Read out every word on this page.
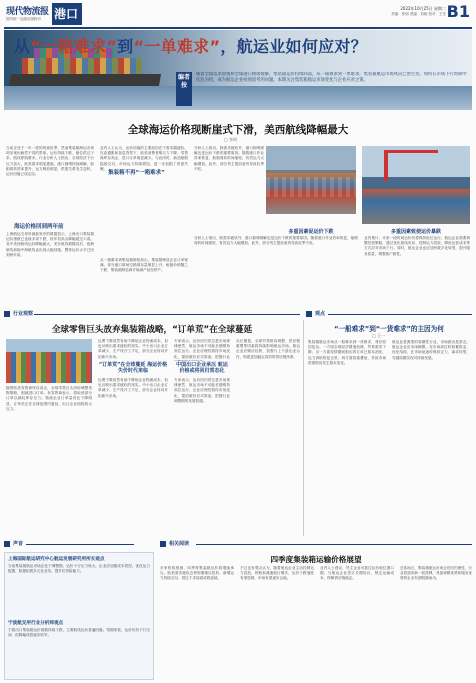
现代物流报
国内统一连续出版物号 港口	2022年10月25日 星期二
责编：张明 美编：刘晓 校对：王芳 B1
从“一箱难求”到“一单难求”，航运业如何应对？
编者按
随着全球需求放缓和全球港口拥堵缓解，集装箱运价持续回落，从一箱难求到一单难求，集装箱航运市场风向已然生变。如何在市场下行周期中化危为机，成为航运企业亟须思考的问题。本期关注集装箱航运市场变化与企业应对之策。
全球海运价格现断崖式下滑，美西航线降幅最大
□ 李明
当前正处于一年一度的传统旺季，然而集装箱海运市场却呈现出截然不同的景象。运价持续下跌，舱位供过于求，航线停航增多。行业分析人士指出，全球经济下行压力加大，欧美需求明显萎缩，港口拥堵持续缓解，船舶周转效率提升，运力释放明显，供需关系发生逆转，运价回落已成定局。
海运价格回到两年前
上海航运交易所最新发布的数据显示，上海出口集装箱运价指数已连续多周下跌，较年初高点降幅超过六成。其中美西航线运价降幅最大，美东航线紧随其后，欧洲航线和地中海航线也出现大幅回落，整体运价水平已回到两年前。
业内人士认为，运价回落的主要原因在于需求端疲软。在高通胀和加息背景下，欧美消费者购买力下降，零售商库存高企，进口订单明显减少。与此同时，新造船舶陆续交付，市场运力持续增加，进一步加剧了供需失衡。
集装箱不再“一箱难求”
从一箱难求到集装箱堆积如山，集装箱制造企业订单锐减。部分港口堆场空箱堆存量明显上升，租箱价格随之下跌，集装箱制造商开始减产甚至停产。
分析人士指出，除需求疲软外，港口拥堵缓解也是运价下跌的重要原因。随着港口作业效率恢复，船舶周转时间缩短，有效运力大幅增加。此外，部分货主提前备货导致旺季不旺。
多重因素促运价下跌	多重因素致使运价暴跌
分析人士指出，除需求疲软外，港口拥堵缓解也是运价下跌的重要原因。随着港口作业效率恢复，船舶周转时间缩短，有效运力大幅增加。此外，部分货主提前备货导致旺季不旺。
业内预计，未来一段时间运价仍将保持低位运行。航运企业需要调整经营策略，通过优化航线布局、控制运力投放、降低运营成本等方式应对市场下行。同时，航运企业也应加快数字化转型，提升服务质量，增强客户黏性。
行业观察	观点
全球零售巨头放弃集装箱战略，“订单荒”在全球蔓延
随着欧美零售商库存高企，全球零售巨头纷纷调整采购策略，削减进口订单。有零售商表示，将取消部分订单以减轻库存压力。物流企业订单量同比下降明显，订单荒正在全球范围内蔓延，出口企业面临较大压力。
“订单荒”在全球蔓延 海运价格失价时代来临
运费下降虽然有助于降低企业物流成本，但也反映出需求疲软的现实。中小出口企业订单减少，生产线开工不足，部分企业转向开拓新兴市场。
运费下降虽然有助于降低企业物流成本，但也反映出需求疲软的现实。中小出口企业订单减少，生产线开工不足，部分企业转向开拓新兴市场。
中国出口企业承压 航运价格或将回归常态化
专家表示，运价回归常态是市场规律使然，航运市场不可能长期维持高位运行。企业应理性看待市场变化，提前做好应对准备，把握行业
专家表示，运价回归常态是市场规律使然，航运市场不可能长期维持高位运行。企业应理性看待市场变化，提前做好应对准备，把握行业调整期的发展机遇。
从长期看，全球贸易格局调整、供应链重塑等因素将持续影响航运市场。航运企业应顺应趋势，加强与上下游企业合作，构建更加稳定高效的供应链体系。
“一船难求”到“一货难求”的主因为何
□ 王一
集装箱航运市场从一船难求到一货难求，背后原因复杂。一方面全球经济增速放缓，贸易需求下降；另一方面疫情期间积压的订单已基本消化，运力供给恢复正常。两方面因素叠加，导致市场供需格局发生根本变化。
航运业是典型的周期性行业，市场波动是常态。航运企业应未雨绸缪，在市场高位时积累资金、优化结构，在市场低迷时保持定力、谋求转型，穿越周期实现可持续发展。
声音	相关阅读
上海国际航运研究中心航运发展研究所所长观点
当前集装箱航运市场正处于调整期，运价下行压力较大。企业应加强成本管控，优化运力配置，积极拓展多元化业务，提升抗风险能力。
宁波航交所行业分析师观点
宁波出口集装箱运价指数持续下跌，主要航线运价普遍回落。短期来看，运价仍有下行空间，但降幅或将逐步收窄。
四季度集装箱运输价格展望
多家机构预测，四季度集装箱运价将继续承压。欧美需求疲软态势短期难以扭转，新增运力持续交付，供过于求局面或将延续。
不过也有观点认为，随着航运企业主动控制运力投放，停航和减速航行增多，运价下跌速度有望放缓，市场有望逐步企稳。
业内人士建议，货主企业可抓住运价低位窗口期，与航运企业签订长期协议，锁定运输成本，保障供应链稳定。
总体而言，集装箱航运市场正在回归理性，行业将迎来新一轮洗牌，具备规模优势和服务优势的企业有望脱颖而出。
